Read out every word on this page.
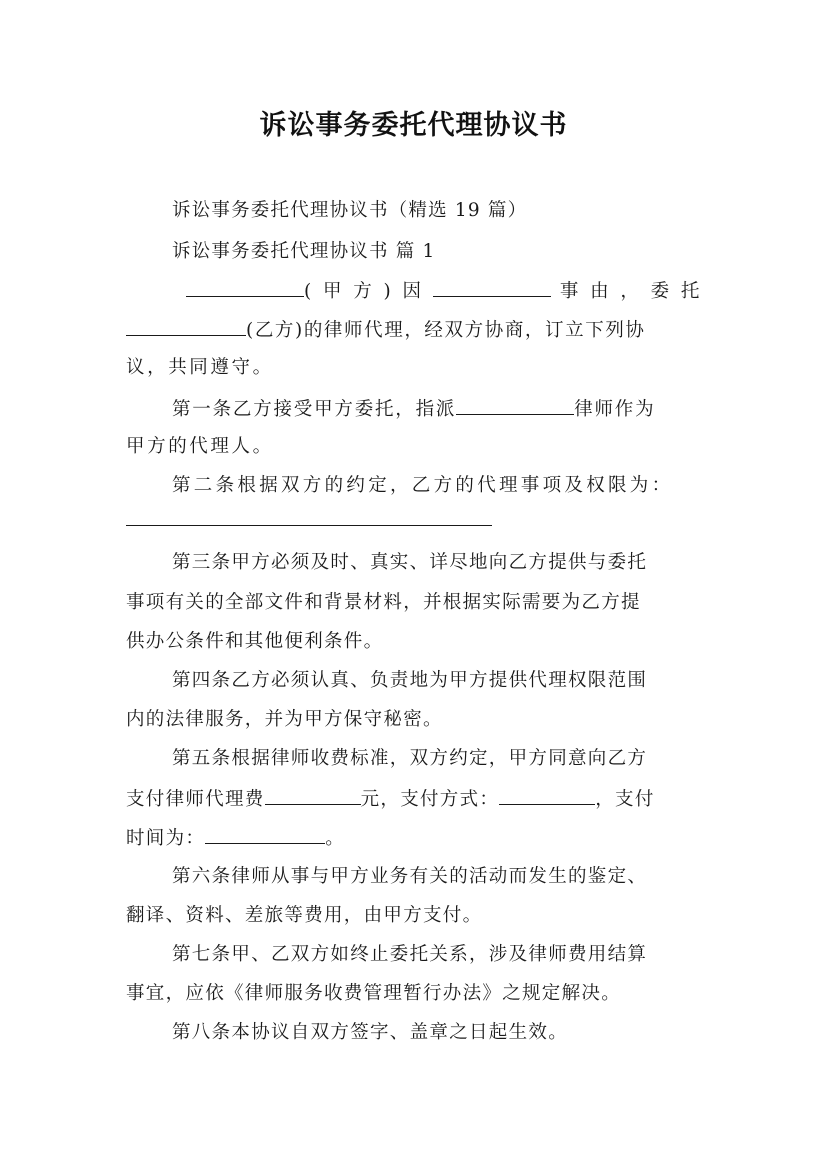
诉讼事务委托代理协议书
诉讼事务委托代理协议书（精选 19 篇）
诉讼事务委托代理协议书 篇 1
(甲方)因	事由，委托
(乙方)的律师代理，经双方协商，订立下列协
议，共同遵守。
第一条乙方接受甲方委托，指派	律师作为
甲方的代理人。
第二条根据双方的约定，乙方的代理事项及权限为：
第三条甲方必须及时、真实、详尽地向乙方提供与委托
事项有关的全部文件和背景材料，并根据实际需要为乙方提
供办公条件和其他便利条件。
第四条乙方必须认真、负责地为甲方提供代理权限范围
内的法律服务，并为甲方保守秘密。
第五条根据律师收费标准，双方约定，甲方同意向乙方
支付律师代理费	元，支付方式：	，支付
时间为：	。
第六条律师从事与甲方业务有关的活动而发生的鉴定、
翻译、资料、差旅等费用，由甲方支付。
第七条甲、乙双方如终止委托关系，涉及律师费用结算
事宜，应依《律师服务收费管理暂行办法》之规定解决。
第八条本协议自双方签字、盖章之日起生效。
